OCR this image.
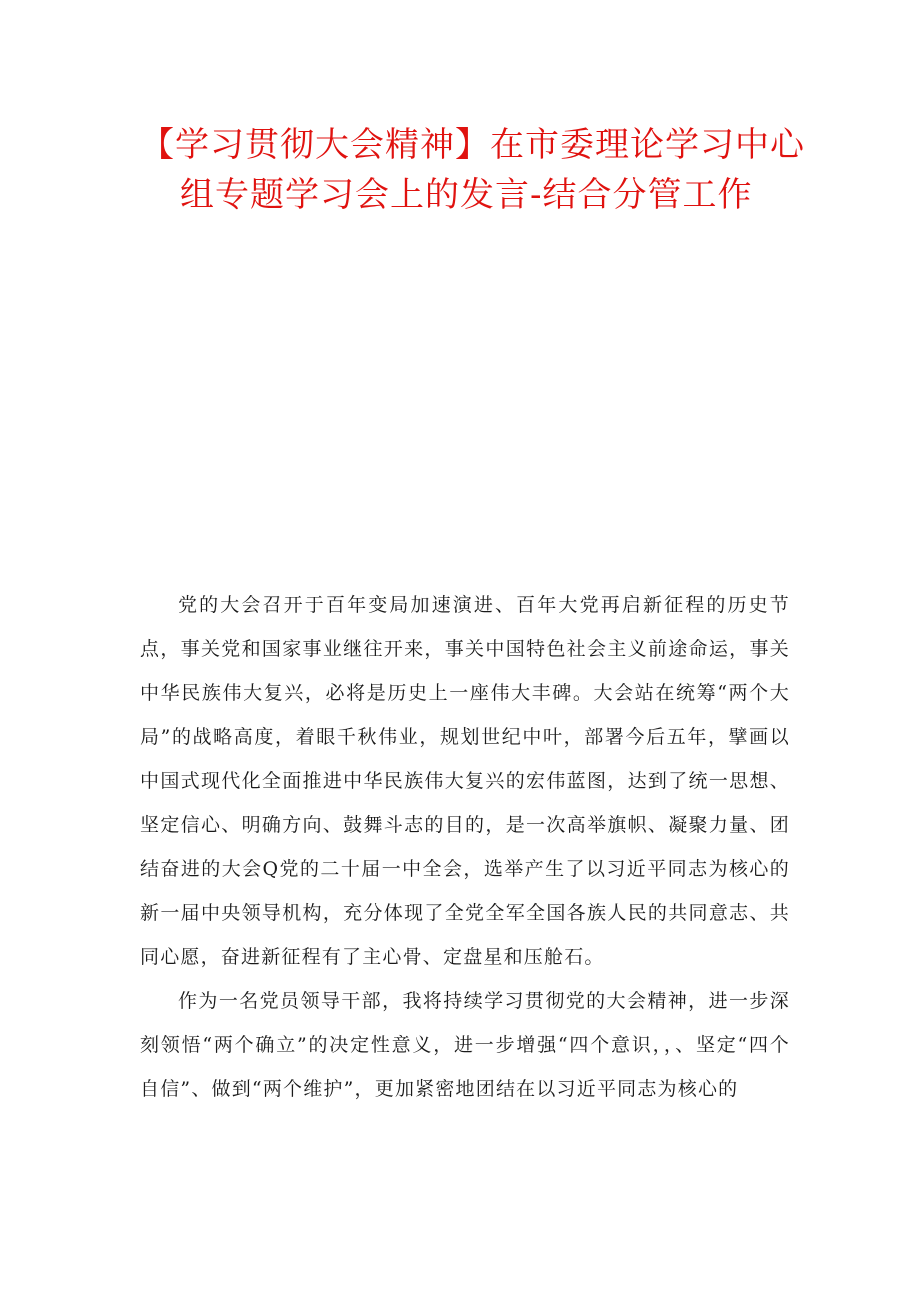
【学习贯彻大会精神】在市委理论学习中心
组专题学习会上的发言-结合分管工作

党的大会召开于百年变局加速演进、百年大党再启新征程的历史节点，事关党和国家事业继往开来，事关中国特色社会主义前途命运，事关中华民族伟大复兴，必将是历史上一座伟大丰碑。大会站在统筹“两个大局”的战略高度，着眼千秋伟业，规划世纪中叶，部署今后五年，擘画以中国式现代化全面推进中华民族伟大复兴的宏伟蓝图，达到了统一思想、坚定信心、明确方向、鼓舞斗志的目的，是一次高举旗帜、凝聚力量、团结奋进的大会Q党的二十届一中全会，选举产生了以习近平同志为核心的新一届中央领导机构，充分体现了全党全军全国各族人民的共同意志、共同心愿，奋进新征程有了主心骨、定盘星和压舱石。

作为一名党员领导干部，我将持续学习贯彻党的大会精神，进一步深刻领悟“两个确立”的决定性意义，进一步增强“四个意识，，、坚定“四个自信”、做到“两个维护”，更加紧密地团结在以习近平同志为核心的
